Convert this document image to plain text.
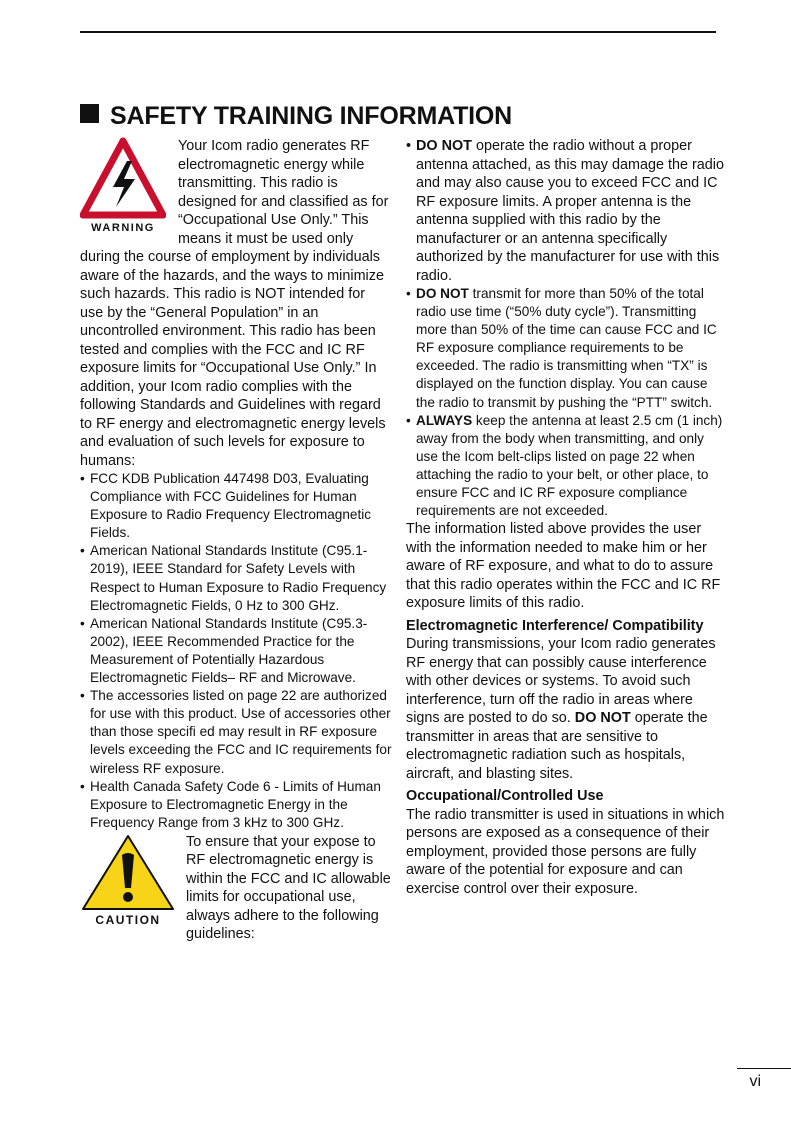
SAFETY TRAINING INFORMATION
WARNING

Your Icom radio generates RF electromagnetic energy while transmitting. This radio is designed for and classified as for “Occupational Use Only.” This means it must be used only during the course of employment by individuals aware of the hazards, and the ways to minimize such hazards. This radio is NOT intended for use by the “General Population” in an uncontrolled environment. This radio has been tested and complies with the FCC and IC RF exposure limits for “Occupational Use Only.” In addition, your Icom radio complies with the following Standards and Guidelines with regard to RF energy and electromagnetic energy levels and evaluation of such levels for exposure to humans:

• FCC KDB Publication 447498 D03, Evaluating Compliance with FCC Guidelines for Human Exposure to Radio Frequency Electromagnetic Fields.
• American National Standards Institute (C95.1-2019), IEEE Standard for Safety Levels with Respect to Human Exposure to Radio Frequency Electromagnetic Fields, 0 Hz to 300 GHz.
• American National Standards Institute (C95.3-2002), IEEE Recommended Practice for the Measurement of Potentially Hazardous Electromagnetic Fields– RF and Microwave.
• The accessories listed on page 22 are authorized for use with this product. Use of accessories other than those specifi ed may result in RF exposure levels exceeding the FCC and IC requirements for wireless RF exposure.
• Health Canada Safety Code 6 - Limits of Human Exposure to Electromagnetic Energy in the Frequency Range from 3 kHz to 300 GHz.
CAUTION

To ensure that your expose to RF electromagnetic energy is within the FCC and IC allowable limits for occupational use, always adhere to the following guidelines:

• DO NOT operate the radio without a proper antenna attached, as this may damage the radio and may also cause you to exceed FCC and IC RF exposure limits. A proper antenna is the antenna supplied with this radio by the manufacturer or an antenna specifically authorized by the manufacturer for use with this radio.
• DO NOT transmit for more than 50% of the total radio use time (“50% duty cycle”). Transmitting more than 50% of the time can cause FCC and IC RF exposure compliance requirements to be exceeded. The radio is transmitting when “TX” is displayed on the function display. You can cause the radio to transmit by pushing the “PTT” switch.
• ALWAYS keep the antenna at least 2.5 cm (1 inch) away from the body when transmitting, and only use the Icom belt-clips listed on page 22 when attaching the radio to your belt, or other place, to ensure FCC and IC RF exposure compliance requirements are not exceeded.

The information listed above provides the user with the information needed to make him or her aware of RF exposure, and what to do to assure that this radio operates within the FCC and IC RF exposure limits of this radio.

Electromagnetic Interference/ Compatibility

During transmissions, your Icom radio generates RF energy that can possibly cause interference with other devices or systems. To avoid such interference, turn off the radio in areas where signs are posted to do so. DO NOT operate the transmitter in areas that are sensitive to electromagnetic radiation such as hospitals, aircraft, and blasting sites.

Occupational/Controlled Use

The radio transmitter is used in situations in which persons are exposed as a consequence of their employment, provided those persons are fully aware of the potential for exposure and can exercise control over their exposure.

vi
